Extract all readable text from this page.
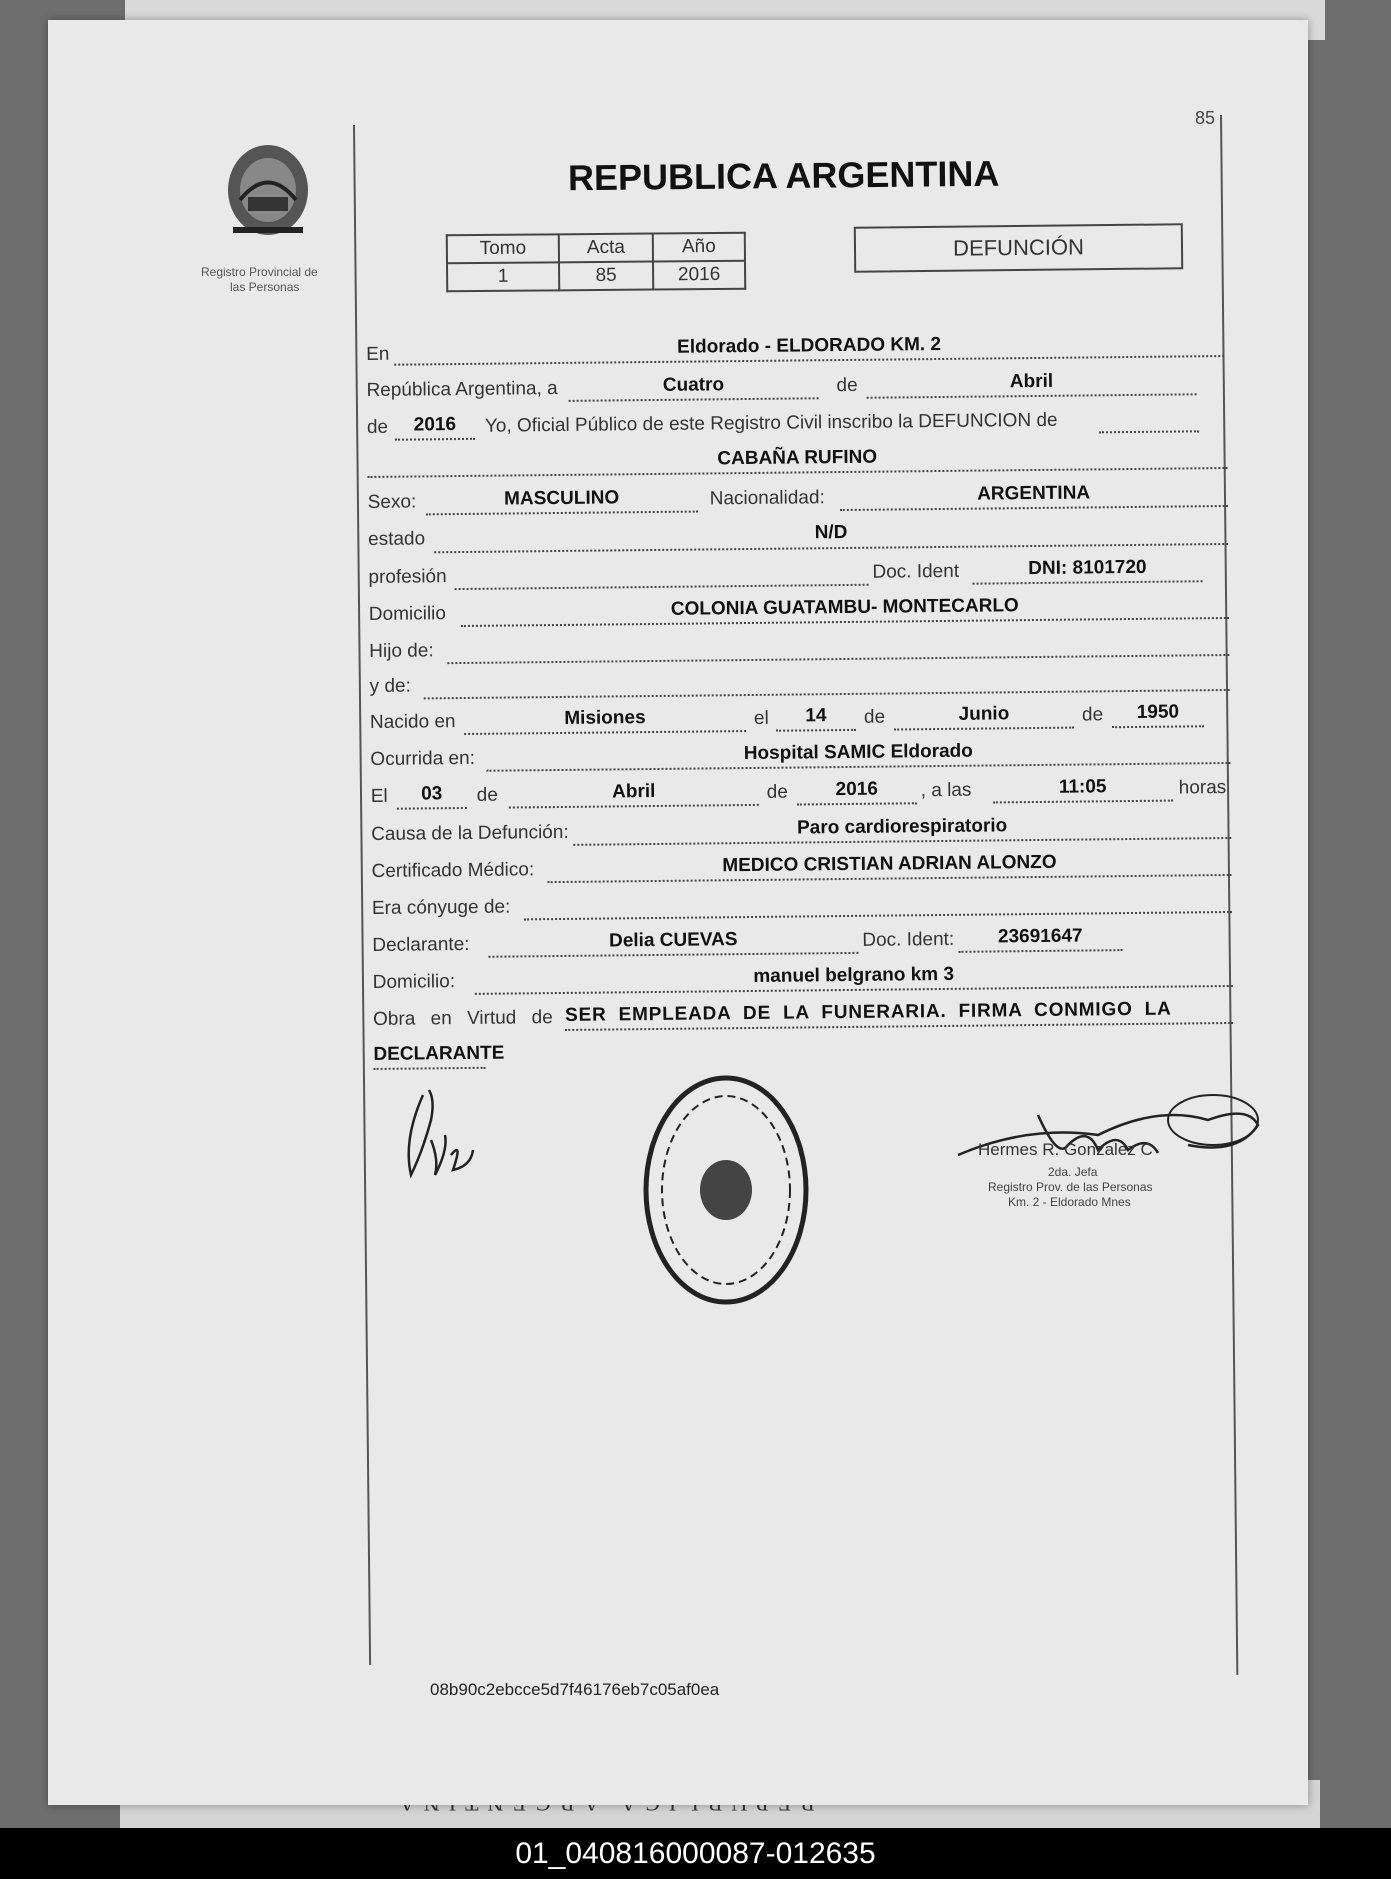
85
Registro Provincial de
las Personas
REPUBLICA ARGENTINA
Tomo	Acta	Año
1	85	2016
DEFUNCIÓN
En	Eldorado - ELDORADO KM. 2
República Argentina, a	Cuatro	de	Abril
de	2016	Yo, Oficial Público de este Registro Civil inscribo la DEFUNCION de
CABAÑA RUFINO
Sexo:	MASCULINO	Nacionalidad:	ARGENTINA
estado	N/D
profesión	Doc. Ident	DNI: 8101720
Domicilio	COLONIA GUATAMBU- MONTECARLO
Hijo de:
y de:
Nacido en	Misiones	el	14	de	Junio	de	1950
Ocurrida en:	Hospital SAMIC Eldorado
El	03	de	Abril	de	2016	, a las	11:05	horas
Causa de la Defunción:	Paro cardiorespiratorio
Certificado Médico:	MEDICO CRISTIAN ADRIAN ALONZO
Era cónyuge de:
Declarante:	Delia CUEVAS	Doc. Ident:	23691647
Domicilio:	manuel belgrano km 3
Obra en Virtud de SER EMPLEADA DE LA FUNERARIA. FIRMA CONMIGO LA
DECLARANTE
Hermes R. Gonzalez C
2da. Jefa
Registro Prov. de las Personas
Km. 2 - Eldorado Mnes
08b90c2ebcce5d7f46176eb7c05af0ea
01_040816000087-012635
